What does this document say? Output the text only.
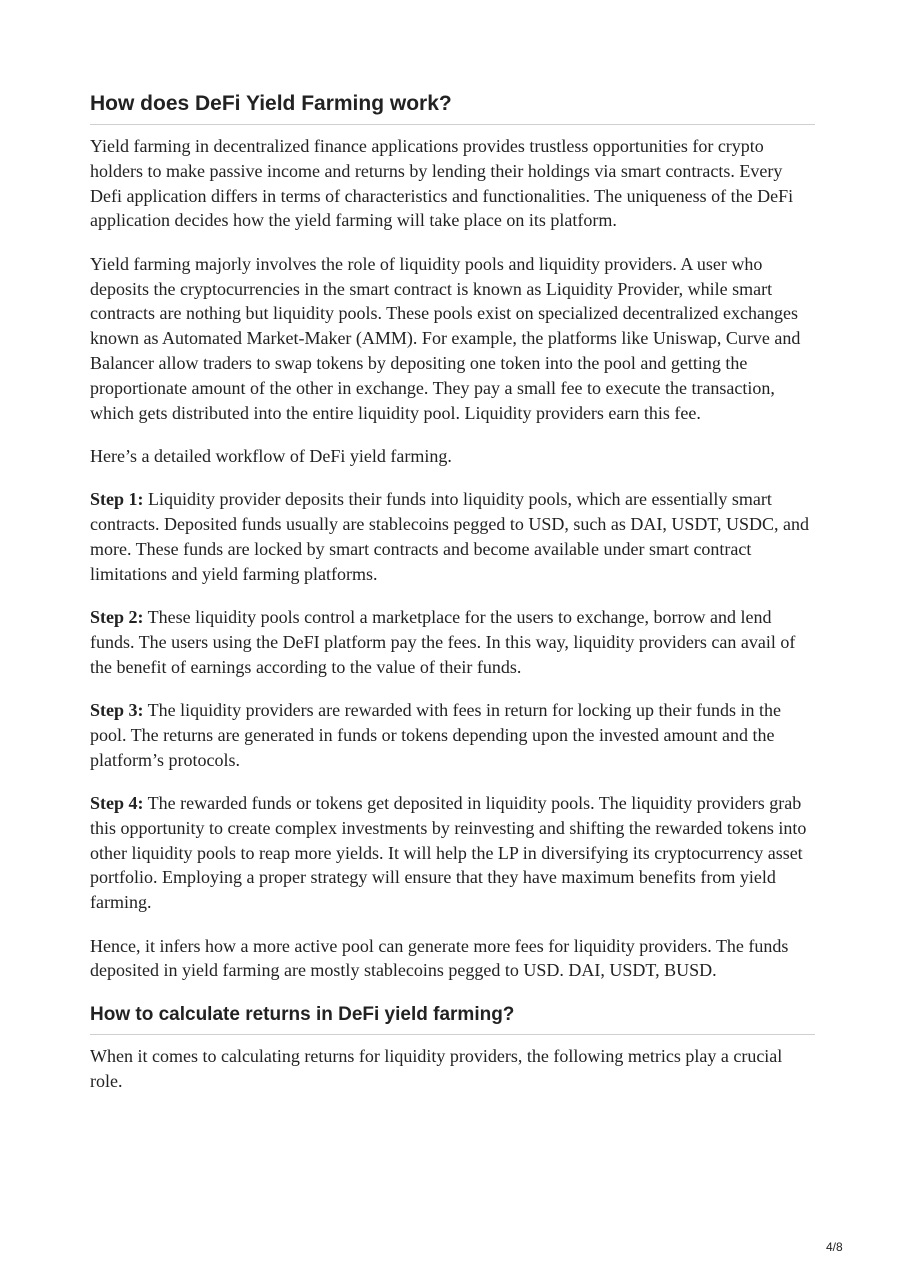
How does DeFi Yield Farming work?

Yield farming in decentralized finance applications provides trustless opportunities for crypto holders to make passive income and returns by lending their holdings via smart contracts. Every Defi application differs in terms of characteristics and functionalities. The uniqueness of the DeFi application decides how the yield farming will take place on its platform.

Yield farming majorly involves the role of liquidity pools and liquidity providers. A user who deposits the cryptocurrencies in the smart contract is known as Liquidity Provider, while smart contracts are nothing but liquidity pools. These pools exist on specialized decentralized exchanges known as Automated Market-Maker (AMM). For example, the platforms like Uniswap, Curve and Balancer allow traders to swap tokens by depositing one token into the pool and getting the proportionate amount of the other in exchange. They pay a small fee to execute the transaction, which gets distributed into the entire liquidity pool. Liquidity providers earn this fee.

Here’s a detailed workflow of DeFi yield farming.

Step 1: Liquidity provider deposits their funds into liquidity pools, which are essentially smart contracts. Deposited funds usually are stablecoins pegged to USD, such as DAI, USDT, USDC, and more. These funds are locked by smart contracts and become available under smart contract limitations and yield farming platforms.

Step 2: These liquidity pools control a marketplace for the users to exchange, borrow and lend funds. The users using the DeFI platform pay the fees. In this way, liquidity providers can avail of the benefit of earnings according to the value of their funds.

Step 3: The liquidity providers are rewarded with fees in return for locking up their funds in the pool. The returns are generated in funds or tokens depending upon the invested amount and the platform’s protocols.

Step 4: The rewarded funds or tokens get deposited in liquidity pools. The liquidity providers grab this opportunity to create complex investments by reinvesting and shifting the rewarded tokens into other liquidity pools to reap more yields. It will help the LP in diversifying its cryptocurrency asset portfolio. Employing a proper strategy will ensure that they have maximum benefits from yield farming.

Hence, it infers how a more active pool can generate more fees for liquidity providers. The funds deposited in yield farming are mostly stablecoins pegged to USD. DAI, USDT, BUSD.

How to calculate returns in DeFi yield farming?

When it comes to calculating returns for liquidity providers, the following metrics play a crucial role.

4/8
